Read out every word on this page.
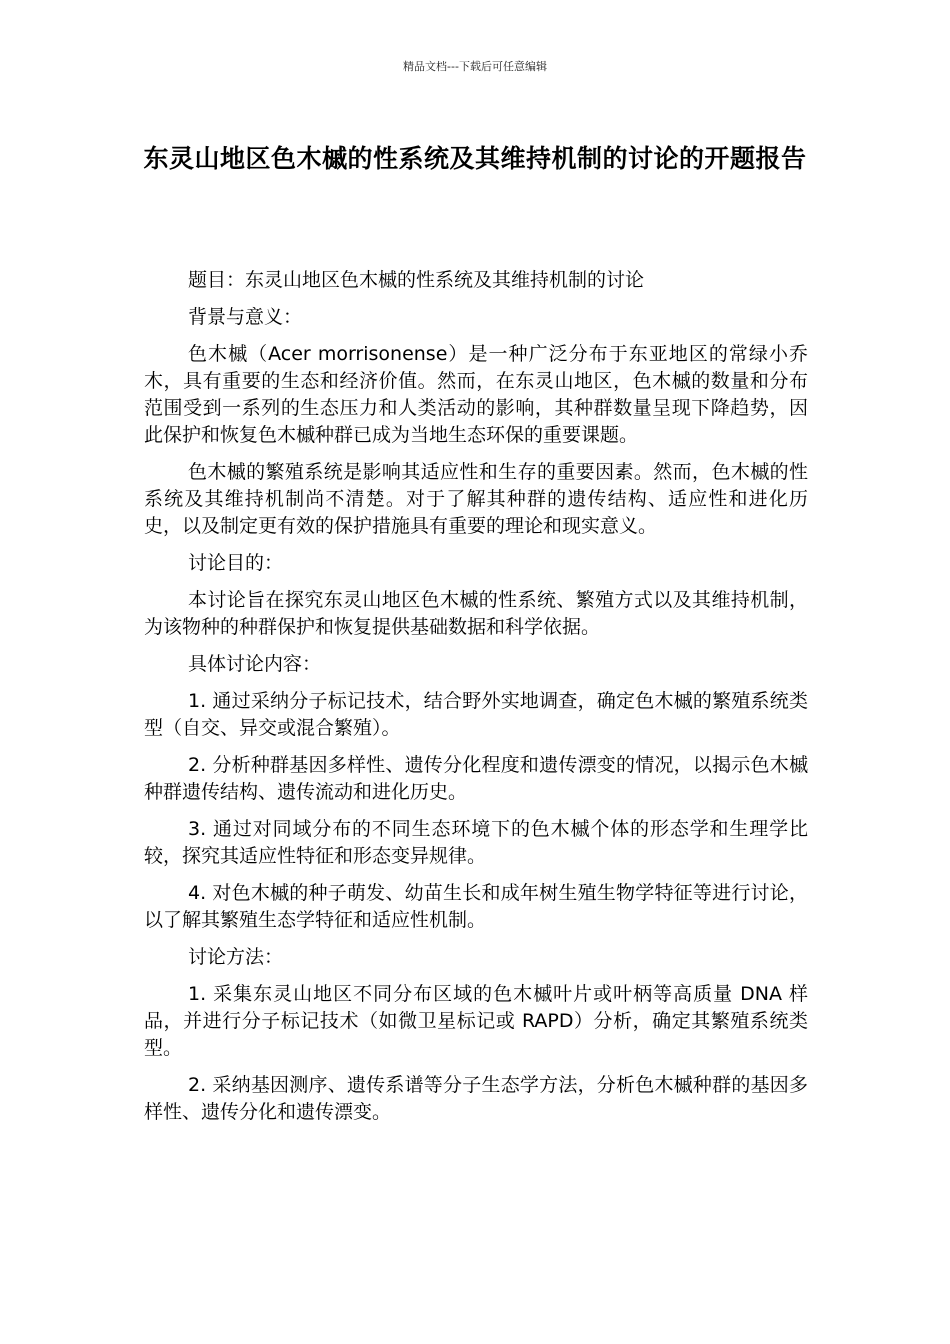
精品文档---下载后可任意编辑
东灵山地区色木槭的性系统及其维持机制的讨论的开题报告

题目：东灵山地区色木槭的性系统及其维持机制的讨论

背景与意义：

色木槭（Acer morrisonense）是一种广泛分布于东亚地区的常绿小乔木，具有重要的生态和经济价值。然而，在东灵山地区，色木槭的数量和分布范围受到一系列的生态压力和人类活动的影响，其种群数量呈现下降趋势，因此保护和恢复色木槭种群已成为当地生态环保的重要课题。

色木槭的繁殖系统是影响其适应性和生存的重要因素。然而，色木槭的性系统及其维持机制尚不清楚。对于了解其种群的遗传结构、适应性和进化历史，以及制定更有效的保护措施具有重要的理论和现实意义。

讨论目的：

本讨论旨在探究东灵山地区色木槭的性系统、繁殖方式以及其维持机制，为该物种的种群保护和恢复提供基础数据和科学依据。

具体讨论内容：

1. 通过采纳分子标记技术，结合野外实地调查，确定色木槭的繁殖系统类型（自交、异交或混合繁殖）。

2. 分析种群基因多样性、遗传分化程度和遗传漂变的情况，以揭示色木槭种群遗传结构、遗传流动和进化历史。

3. 通过对同域分布的不同生态环境下的色木槭个体的形态学和生理学比较，探究其适应性特征和形态变异规律。

4. 对色木槭的种子萌发、幼苗生长和成年树生殖生物学特征等进行讨论，以了解其繁殖生态学特征和适应性机制。

讨论方法：

1. 采集东灵山地区不同分布区域的色木槭叶片或叶柄等高质量 DNA 样品，并进行分子标记技术（如微卫星标记或 RAPD）分析，确定其繁殖系统类型。

2. 采纳基因测序、遗传系谱等分子生态学方法，分析色木槭种群的基因多样性、遗传分化和遗传漂变。
